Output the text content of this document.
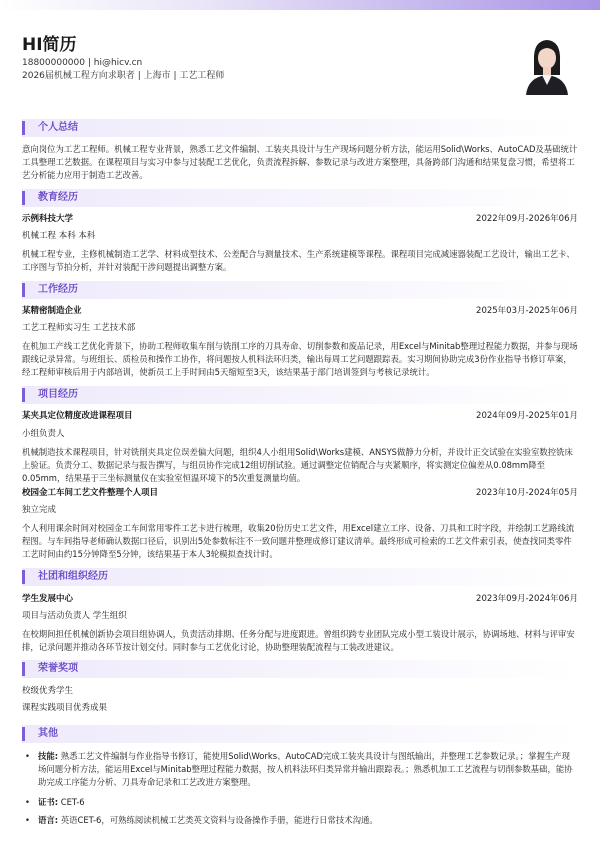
HI简历
18800000000 | hi@hicv.cn
2026届机械工程方向求职者 | 上海市 | 工艺工程师
个人总结
意向岗位为工艺工程师。机械工程专业背景，熟悉工艺文件编制、工装夹具设计与生产现场问题分析方法，能运用Solid\Works、AutoCAD及基础统计工具整理工艺数据。在课程项目与实习中参与过装配工艺优化，负责流程拆解、参数记录与改进方案整理，具备跨部门沟通和结果复盘习惯，希望将工艺分析能力应用于制造工艺改善。
教育经历
示例科技大学	2022年09月-2026年06月
机械工程 本科 本科
机械工程专业，主修机械制造工艺学、材料成型技术、公差配合与测量技术、生产系统建模等课程。课程项目完成减速器装配工艺设计，输出工艺卡、工序图与节拍分析，并针对装配干涉问题提出调整方案。
工作经历
某精密制造企业	2025年03月-2025年06月
工艺工程师实习生 工艺技术部
在机加工产线工艺优化背景下，协助工程师收集车削与铣削工序的刀具寿命、切削参数和废品记录，用Excel与Minitab整理过程能力数据，并参与现场跟线记录异常。与班组长、质检员和操作工协作，将问题按人机料法环归类，输出每周工艺问题跟踪表。实习期间协助完成3份作业指导书修订草案，经工程师审核后用于内部培训，使新员工上手时间由5天缩短至3天，该结果基于部门培训签到与考核记录统计。
项目经历
某夹具定位精度改进课程项目	2024年09月-2025年01月
小组负责人
机械制造技术课程项目，针对铣削夹具定位误差偏大问题，组织4人小组用Solid\Works建模、ANSYS做静力分析，并设计正交试验在实验室数控铣床上验证。负责分工、数据记录与报告撰写，与组员协作完成12组切削试验。通过调整定位销配合与夹紧顺序，将实测定位偏差从0.08mm降至0.05mm，结果基于三坐标测量仪在实验室恒温环境下的5次重复测量均值。
校园金工车间工艺文件整理个人项目	2023年10月-2024年05月
独立完成
个人利用课余时间对校园金工车间常用零件工艺卡进行梳理，收集20份历史工艺文件，用Excel建立工序、设备、刀具和工时字段，并绘制工艺路线流程图。与车间指导老师确认数据口径后，识别出5处参数标注不一致问题并整理成修订建议清单。最终形成可检索的工艺文件索引表，使查找同类零件工艺时间由约15分钟降至5分钟，该结果基于本人3轮模拟查找计时。
社团和组织经历
学生发展中心	2023年09月-2024年06月
项目与活动负责人 学生组织
在校期间担任机械创新协会项目组协调人，负责活动排期、任务分配与进度跟进。曾组织跨专业团队完成小型工装设计展示，协调场地、材料与评审安排，记录问题并推动各环节按计划交付。同时参与工艺优化讨论，协助整理装配流程与工装改进建议。
荣誉奖项
校级优秀学生
课程实践项目优秀成果
其他
• 技能: 熟悉工艺文件编制与作业指导书修订，能使用Solid\Works、AutoCAD完成工装夹具设计与图纸输出，并整理工艺参数记录。；掌握生产现场问题分析方法，能运用Excel与Minitab整理过程能力数据，按人机料法环归类异常并输出跟踪表。；熟悉机加工工艺流程与切削参数基础，能协助完成工序能力分析、刀具寿命记录和工艺改进方案整理。
• 证书: CET-6
• 语言: 英语CET-6，可熟练阅读机械工艺类英文资料与设备操作手册，能进行日常技术沟通。
